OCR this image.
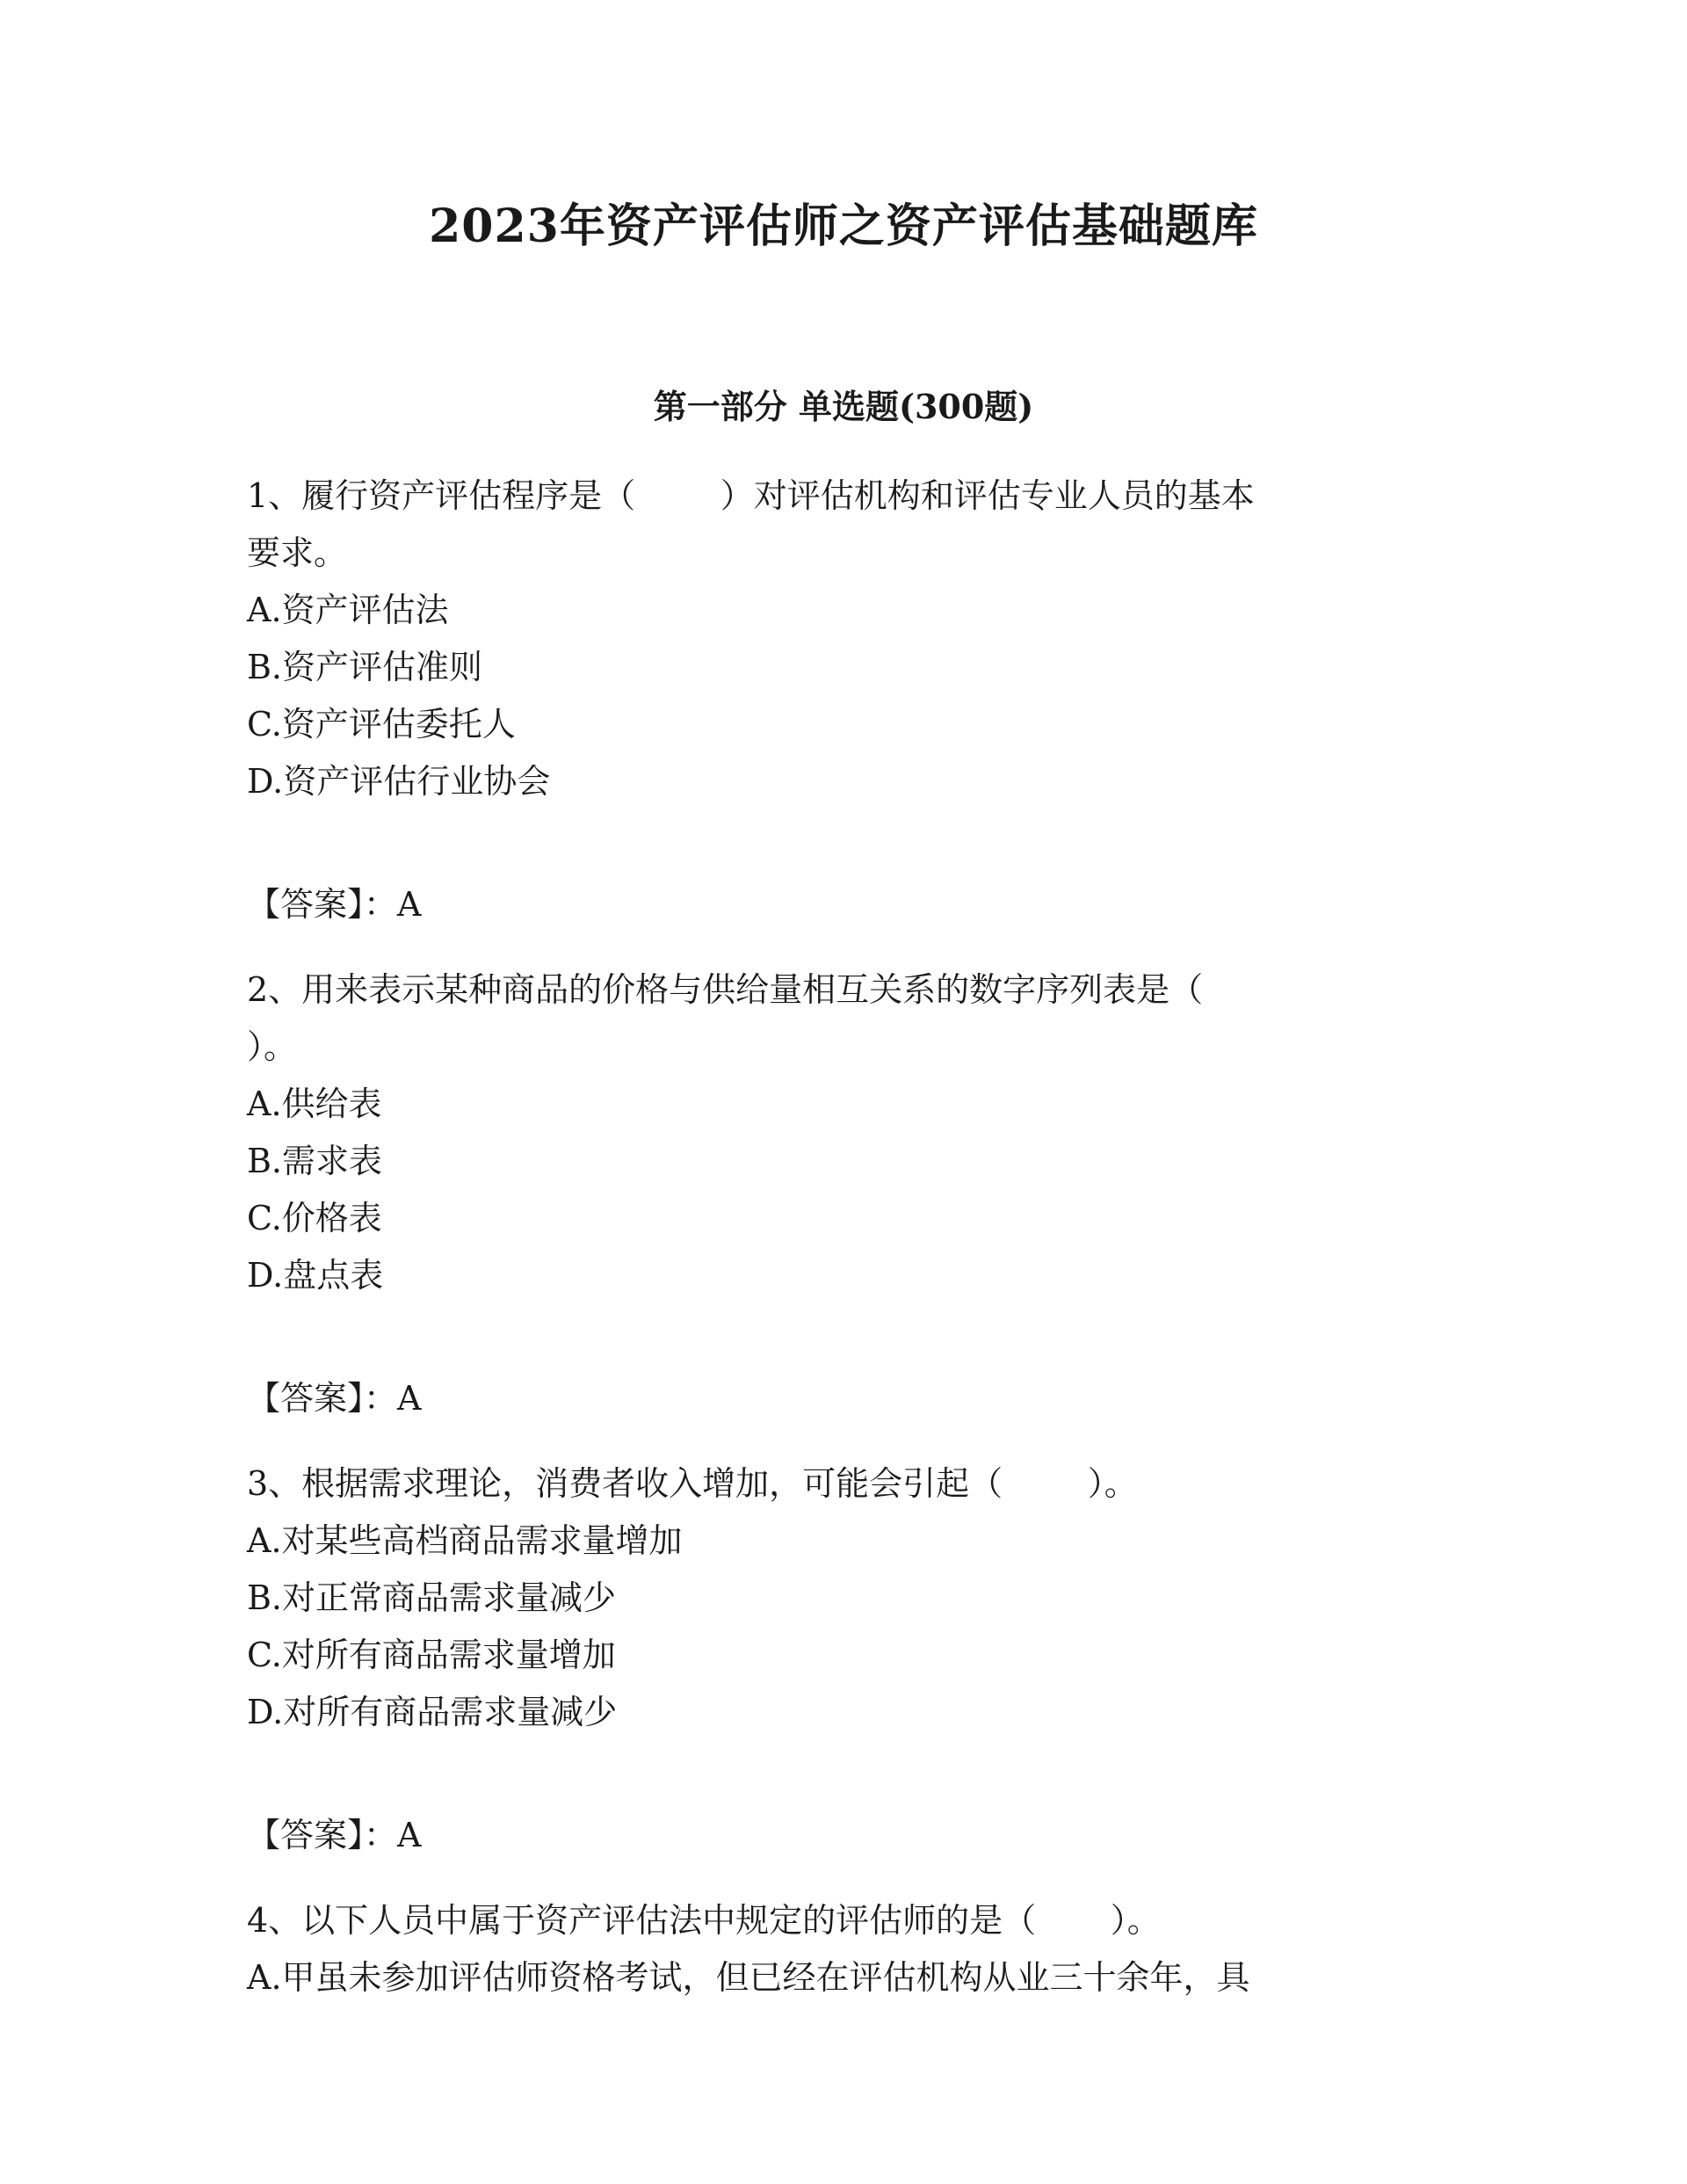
2023年资产评估师之资产评估基础题库
第一部分 单选题(300题)
1、履行资产评估程序是（        ）对评估机构和评估专业人员的基本
要求。
A.资产评估法
B.资产评估准则
C.资产评估委托人
D.资产评估行业协会
【答案】：A
2、用来表示某种商品的价格与供给量相互关系的数字序列表是（
）。
A.供给表
B.需求表
C.价格表
D.盘点表
【答案】：A
3、根据需求理论，消费者收入增加，可能会引起（        ）。
A.对某些高档商品需求量增加
B.对正常商品需求量减少
C.对所有商品需求量增加
D.对所有商品需求量减少
【答案】：A
4、以下人员中属于资产评估法中规定的评估师的是（       ）。
A.甲虽未参加评估师资格考试，但已经在评估机构从业三十余年，具
